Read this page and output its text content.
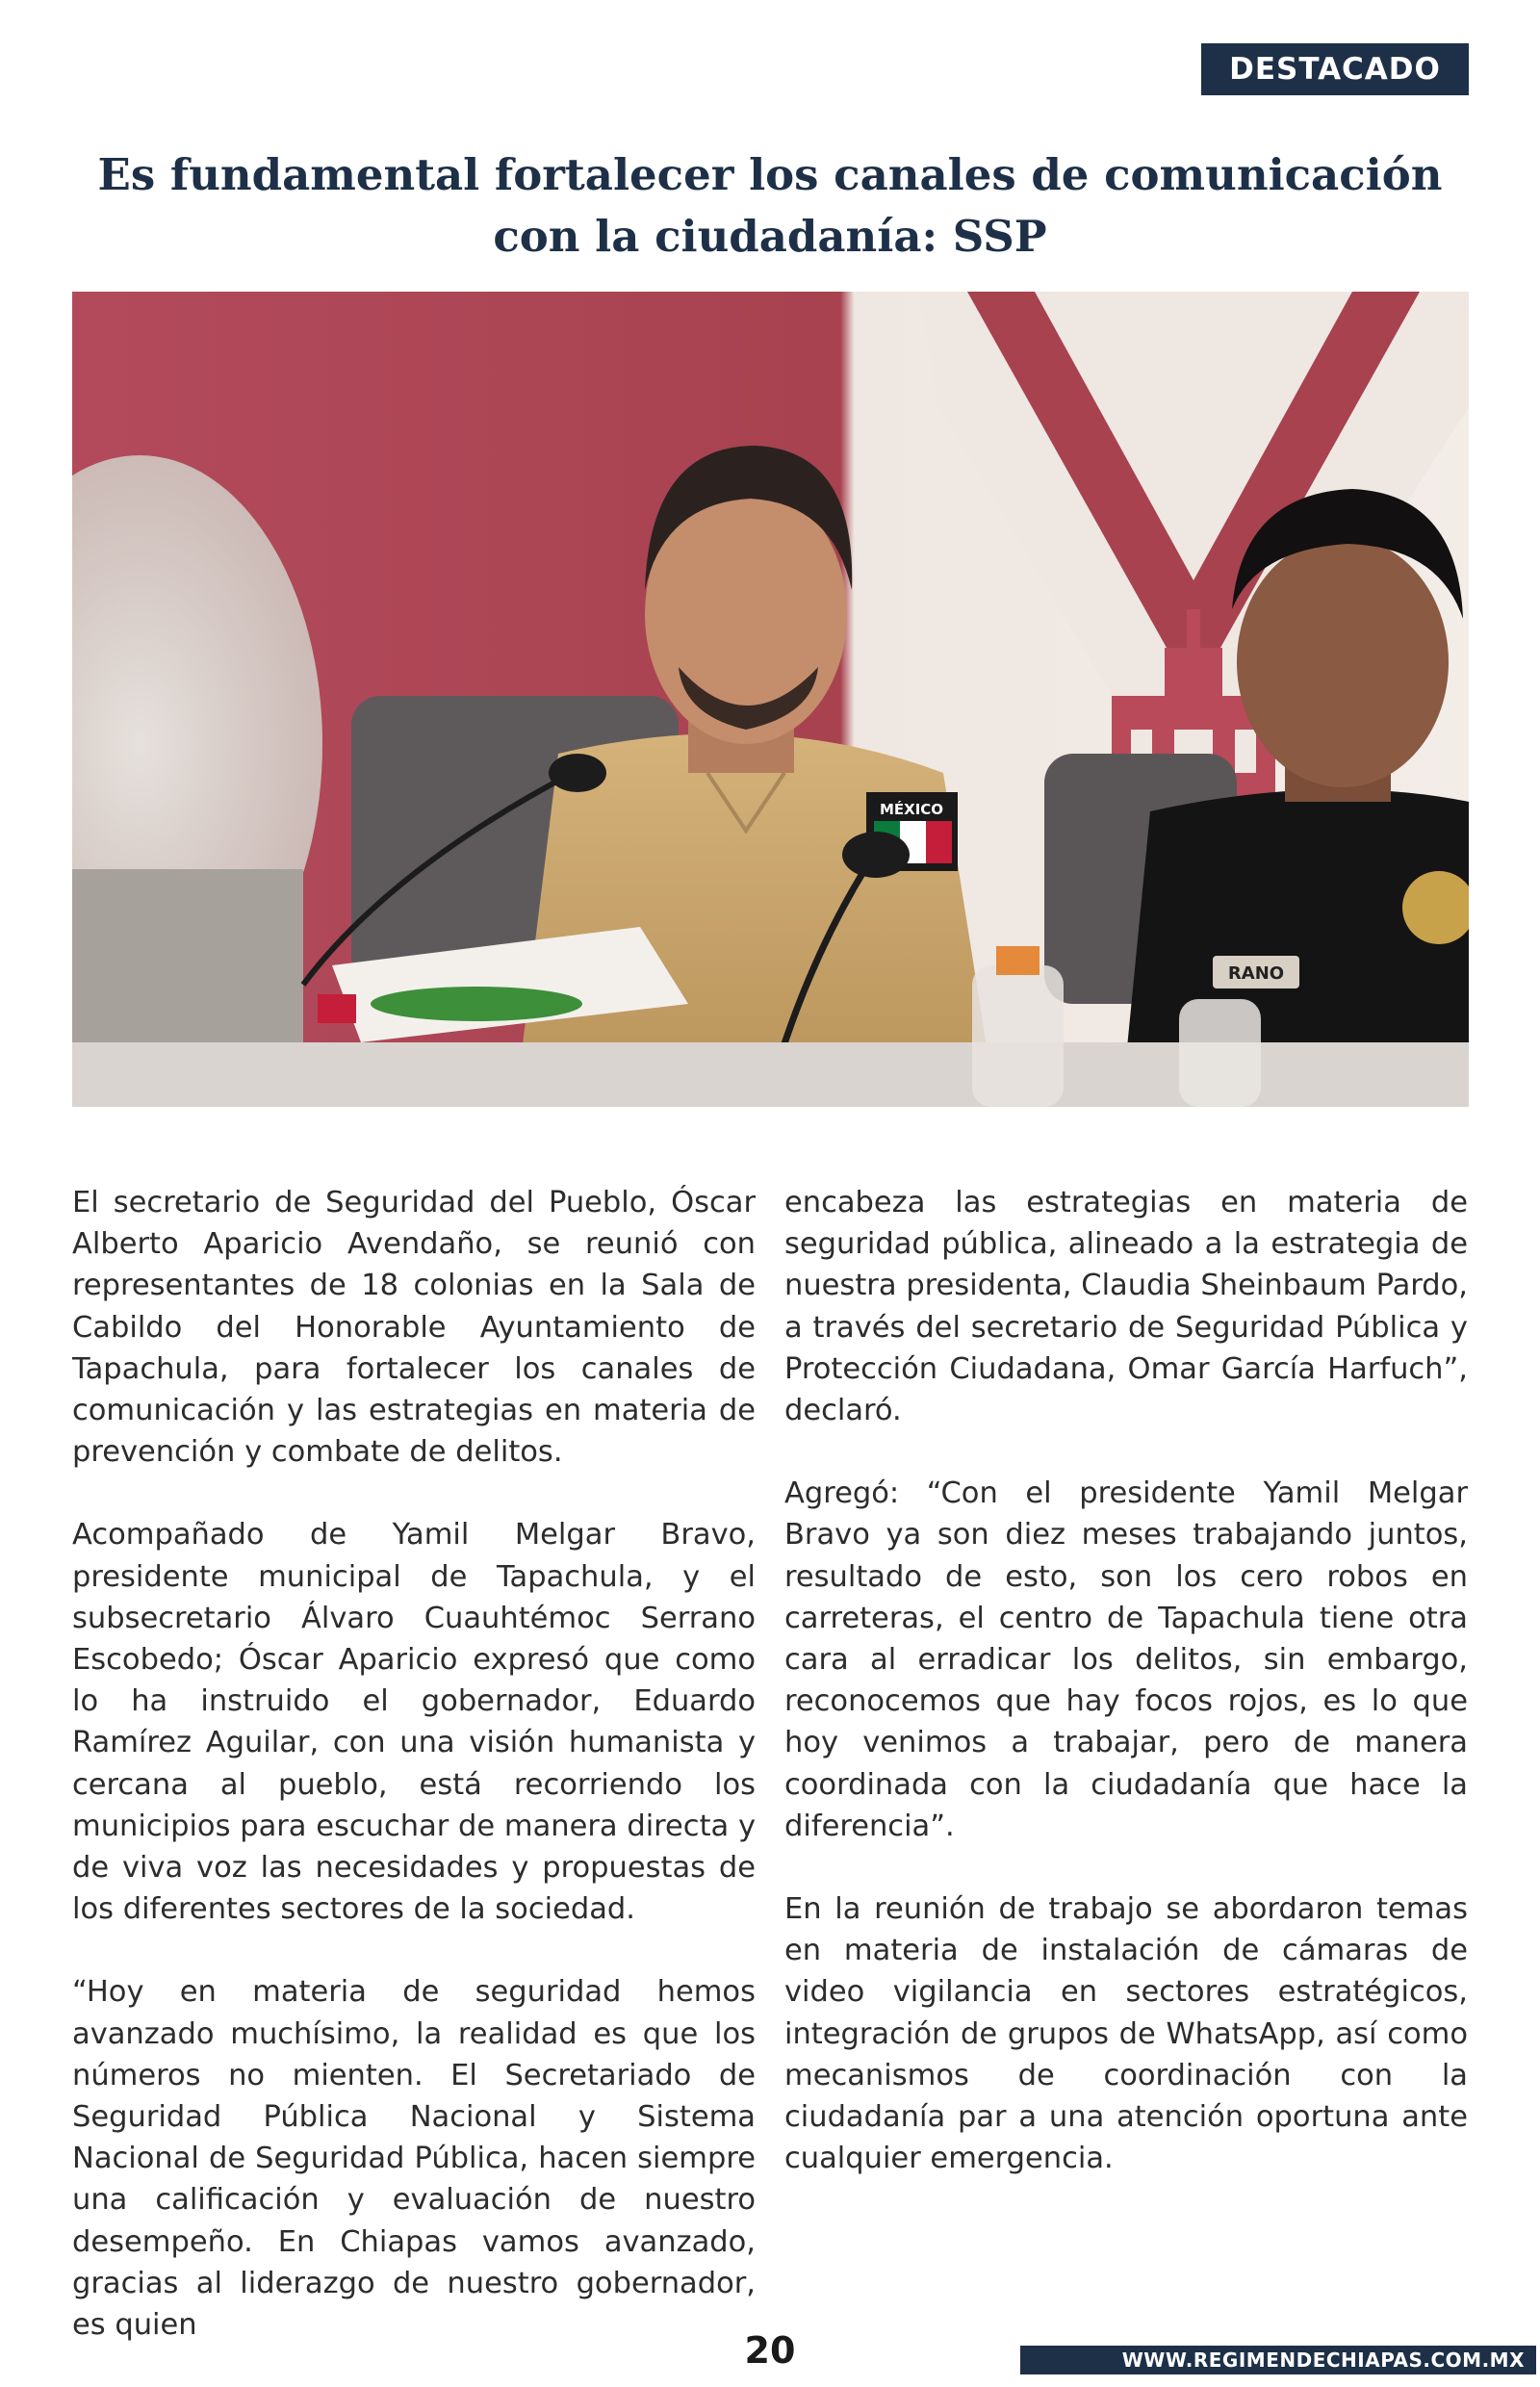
DESTACADO
Es fundamental fortalecer los canales de comunicación con la ciudadanía: SSP
MÉXICO
RANO

El secretario de Seguridad del Pueblo, Óscar Alberto Aparicio Avendaño, se reunió con representantes de 18 colonias en la Sala de Cabildo del Honorable Ayuntamiento de Tapachula, para fortalecer los canales de comunicación y las estrategias en materia de prevención y combate de delitos.

Acompañado de Yamil Melgar Bravo, presidente municipal de Tapachula, y el subsecretario Álvaro Cuauhtémoc Serrano Escobedo; Óscar Aparicio expresó que como lo ha instruido el gobernador, Eduardo Ramírez Aguilar, con una visión humanista y cercana al pueblo, está recorriendo los municipios para escuchar de manera directa y de viva voz las necesidades y propuestas de los diferentes sectores de la sociedad.

“Hoy en materia de seguridad hemos avanzado muchísimo, la realidad es que los números no mienten. El Secretariado de Seguridad Pública Nacional y Sistema Nacional de Seguridad Pública, hacen siempre una calificación y evaluación de nuestro desempeño. En Chiapas vamos avanzado, gracias al liderazgo de nuestro gobernador, es quien

encabeza las estrategias en materia de seguridad pública, alineado a la estrategia de nuestra presidenta, Claudia Sheinbaum Pardo, a través del secretario de Seguridad Pública y Protección Ciudadana, Omar García Harfuch”, declaró.

Agregó: “Con el presidente Yamil Melgar Bravo ya son diez meses trabajando juntos, resultado de esto, son los cero robos en carreteras, el centro de Tapachula tiene otra cara al erradicar los delitos, sin embargo, reconocemos que hay focos rojos, es lo que hoy venimos a trabajar, pero de manera coordinada con la ciudadanía que hace la diferencia”.

En la reunión de trabajo se abordaron temas en materia de instalación de cámaras de video vigilancia en sectores estratégicos, integración de grupos de WhatsApp, así como mecanismos de coordinación con la ciudadanía par a una atención oportuna ante cualquier emergencia.

20	WWW.REGIMENDECHIAPAS.COM.MX
